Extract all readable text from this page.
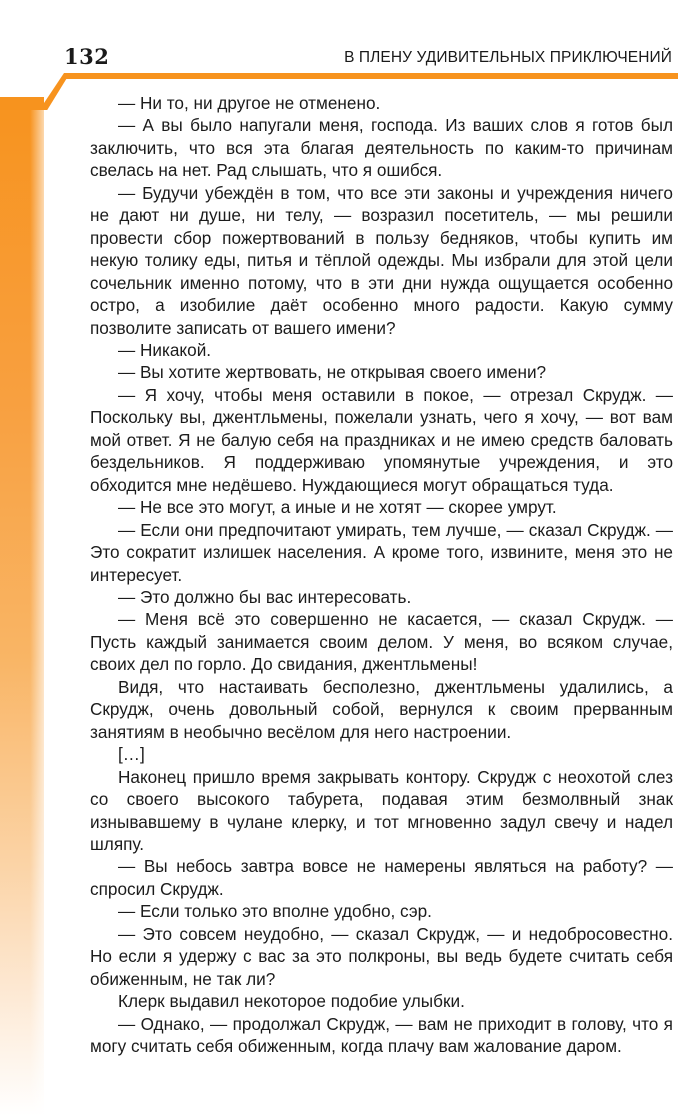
132	В ПЛЕНУ УДИВИТЕЛЬНЫХ ПРИКЛЮЧЕНИЙ

— Ни то, ни другое не отменено.

— А вы было напугали меня, господа. Из ваших слов я готов был заключить, что вся эта благая деятельность по каким-то причинам свелась на нет. Рад слышать, что я ошибся.

— Будучи убеждён в том, что все эти законы и учреждения ничего не дают ни душе, ни телу, — возразил посетитель, — мы решили провести сбор пожертвований в пользу бедняков, чтобы купить им некую толику еды, питья и тёплой одежды. Мы избрали для этой цели сочельник именно потому, что в эти дни нужда ощущается особенно остро, а изобилие даёт особенно много радости. Какую сумму позволите записать от вашего имени?

— Никакой.

— Вы хотите жертвовать, не открывая своего имени?

— Я хочу, чтобы меня оставили в покое, — отрезал Скрудж. — Поскольку вы, джентльмены, пожелали узнать, чего я хочу, — вот вам мой ответ. Я не балую себя на праздниках и не имею средств баловать бездельников. Я поддерживаю упомянутые учреждения, и это обходится мне недёшево. Нуждающиеся могут обращаться туда.

— Не все это могут, а иные и не хотят — скорее умрут.

— Если они предпочитают умирать, тем лучше, — сказал Скрудж. — Это сократит излишек населения. А кроме того, извините, меня это не интересует.

— Это должно бы вас интересовать.

— Меня всё это совершенно не касается, — сказал Скрудж. — Пусть каждый занимается своим делом. У меня, во всяком случае, своих дел по горло. До свидания, джентльмены!

Видя, что настаивать бесполезно, джентльмены удалились, а Скрудж, очень довольный собой, вернулся к своим прерванным занятиям в необычно весёлом для него настроении.

[…]

Наконец пришло время закрывать контору. Скрудж с неохотой слез со своего высокого табурета, подавая этим безмолвный знак изнывавшему в чулане клерку, и тот мгновенно задул свечу и надел шляпу.

— Вы небось завтра вовсе не намерены являться на работу? — спросил Скрудж.

— Если только это вполне удобно, сэр.

— Это совсем неудобно, — сказал Скрудж, — и недобросовестно. Но если я удержу с вас за это полкроны, вы ведь будете считать себя обиженным, не так ли?

Клерк выдавил некоторое подобие улыбки.

— Однако, — продолжал Скрудж, — вам не приходит в голову, что я могу считать себя обиженным, когда плачу вам жалование даром.
